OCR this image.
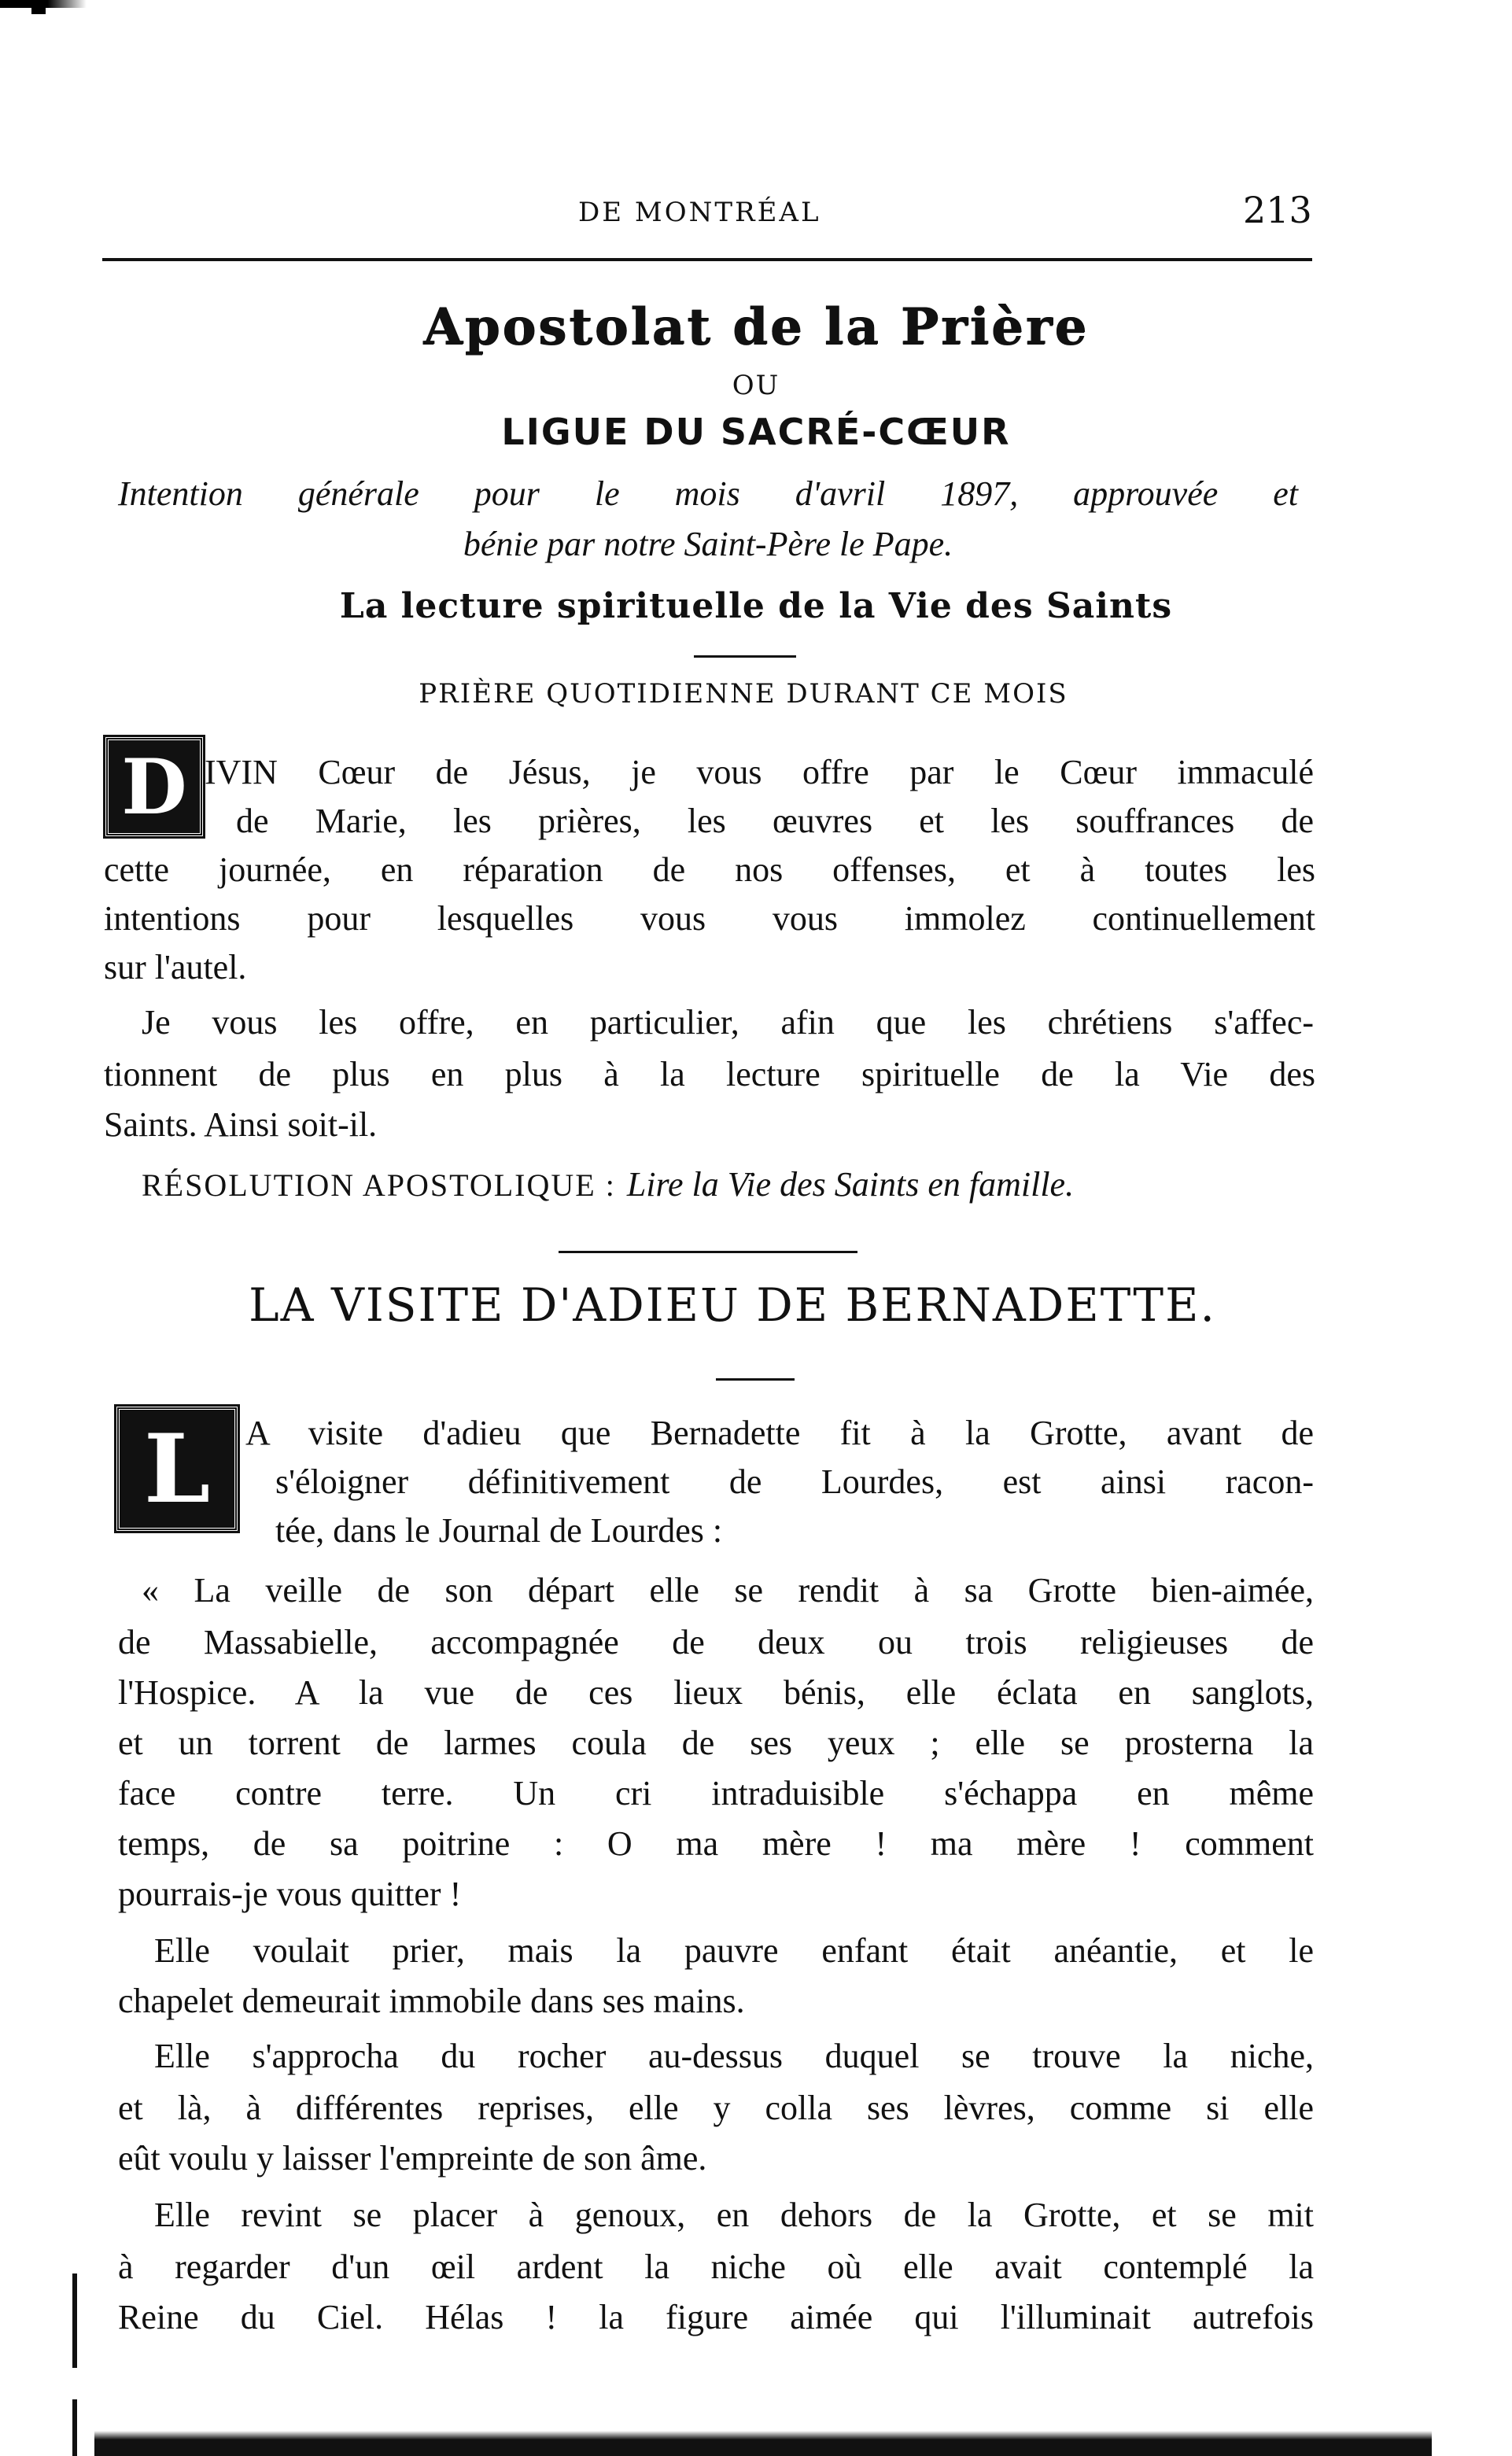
DE MONTRÉAL	213
Apostolat de la Prière
OU
LIGUE DU SACRÉ-CŒUR
Intention générale pour le mois d'avril 1897, approuvée et
bénie par notre Saint-Père le Pape.
La lecture spirituelle de la Vie des Saints
PRIÈRE QUOTIDIENNE DURANT CE MOIS
D IVIN Cœur de Jésus, je vous offre par le Cœur immaculé
de Marie, les prières, les œuvres et les souffrances de
cette journée, en réparation de nos offenses, et à toutes les
intentions pour lesquelles vous vous immolez continuellement
sur l'autel.
Je vous les offre, en particulier, afin que les chrétiens s'affec-
tionnent de plus en plus à la lecture spirituelle de la Vie des
Saints. Ainsi soit-il.
RÉSOLUTION APOSTOLIQUE : Lire la Vie des Saints en famille.
LA VISITE D'ADIEU DE BERNADETTE.
L	A visite d'adieu que Bernadette fit à la Grotte, avant de
s'éloigner définitivement de Lourdes, est ainsi racon-
tée, dans le Journal de Lourdes :
« La veille de son départ elle se rendit à sa Grotte bien-aimée,
de Massabielle, accompagnée de deux ou trois religieuses de
l'Hospice. A la vue de ces lieux bénis, elle éclata en sanglots,
et un torrent de larmes coula de ses yeux ; elle se prosterna la
face contre terre. Un cri intraduisible s'échappa en même
temps, de sa poitrine : O ma mère ! ma mère ! comment
pourrais-je vous quitter !
Elle voulait prier, mais la pauvre enfant était anéantie, et le
chapelet demeurait immobile dans ses mains.
Elle s'approcha du rocher au-dessus duquel se trouve la niche,
et là, à différentes reprises, elle y colla ses lèvres, comme si elle
eût voulu y laisser l'empreinte de son âme.
Elle revint se placer à genoux, en dehors de la Grotte, et se mit
à regarder d'un œil ardent la niche où elle avait contemplé la
Reine du Ciel. Hélas ! la figure aimée qui l'illuminait autrefois
